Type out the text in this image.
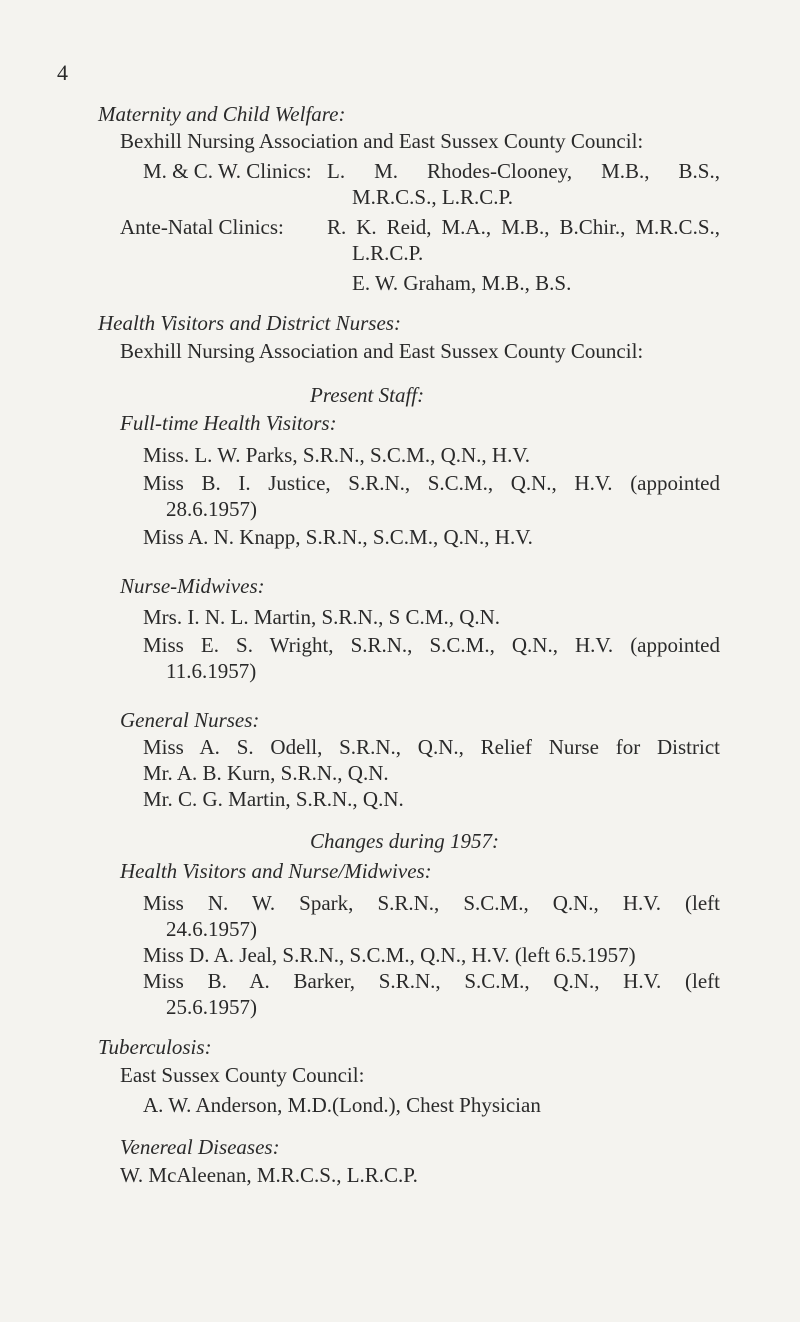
4
Maternity and Child Welfare:
Bexhill Nursing Association and East Sussex County Council:
M. & C. W. Clinics: L. M. Rhodes-Clooney, M.B., B.S.,
M.R.C.S., L.R.C.P.
Ante-Natal Clinics: R. K. Reid, M.A., M.B., B.Chir., M.R.C.S.,
L.R.C.P.
E. W. Graham, M.B., B.S.
Health Visitors and District Nurses:
Bexhill Nursing Association and East Sussex County Council:
Present Staff:
Full-time Health Visitors:
Miss. L. W. Parks, S.R.N., S.C.M., Q.N., H.V.
Miss B. I. Justice, S.R.N., S.C.M., Q.N., H.V. (appointed
28.6.1957)
Miss A. N. Knapp, S.R.N., S.C.M., Q.N., H.V.
Nurse-Midwives:
Mrs. I. N. L. Martin, S.R.N., S C.M., Q.N.
Miss E. S. Wright, S.R.N., S.C.M., Q.N., H.V. (appointed
11.6.1957)
General Nurses:
Miss A. S. Odell, S.R.N., Q.N., Relief Nurse for District
Mr. A. B. Kurn, S.R.N., Q.N.
Mr. C. G. Martin, S.R.N., Q.N.
Changes during 1957:
Health Visitors and Nurse/Midwives:
Miss N. W. Spark, S.R.N., S.C.M., Q.N., H.V. (left
24.6.1957)
Miss D. A. Jeal, S.R.N., S.C.M., Q.N., H.V. (left 6.5.1957)
Miss B. A. Barker, S.R.N., S.C.M., Q.N., H.V. (left
25.6.1957)
Tuberculosis:
East Sussex County Council:
A. W. Anderson, M.D.(Lond.), Chest Physician
Venereal Diseases:
W. McAleenan, M.R.C.S., L.R.C.P.
